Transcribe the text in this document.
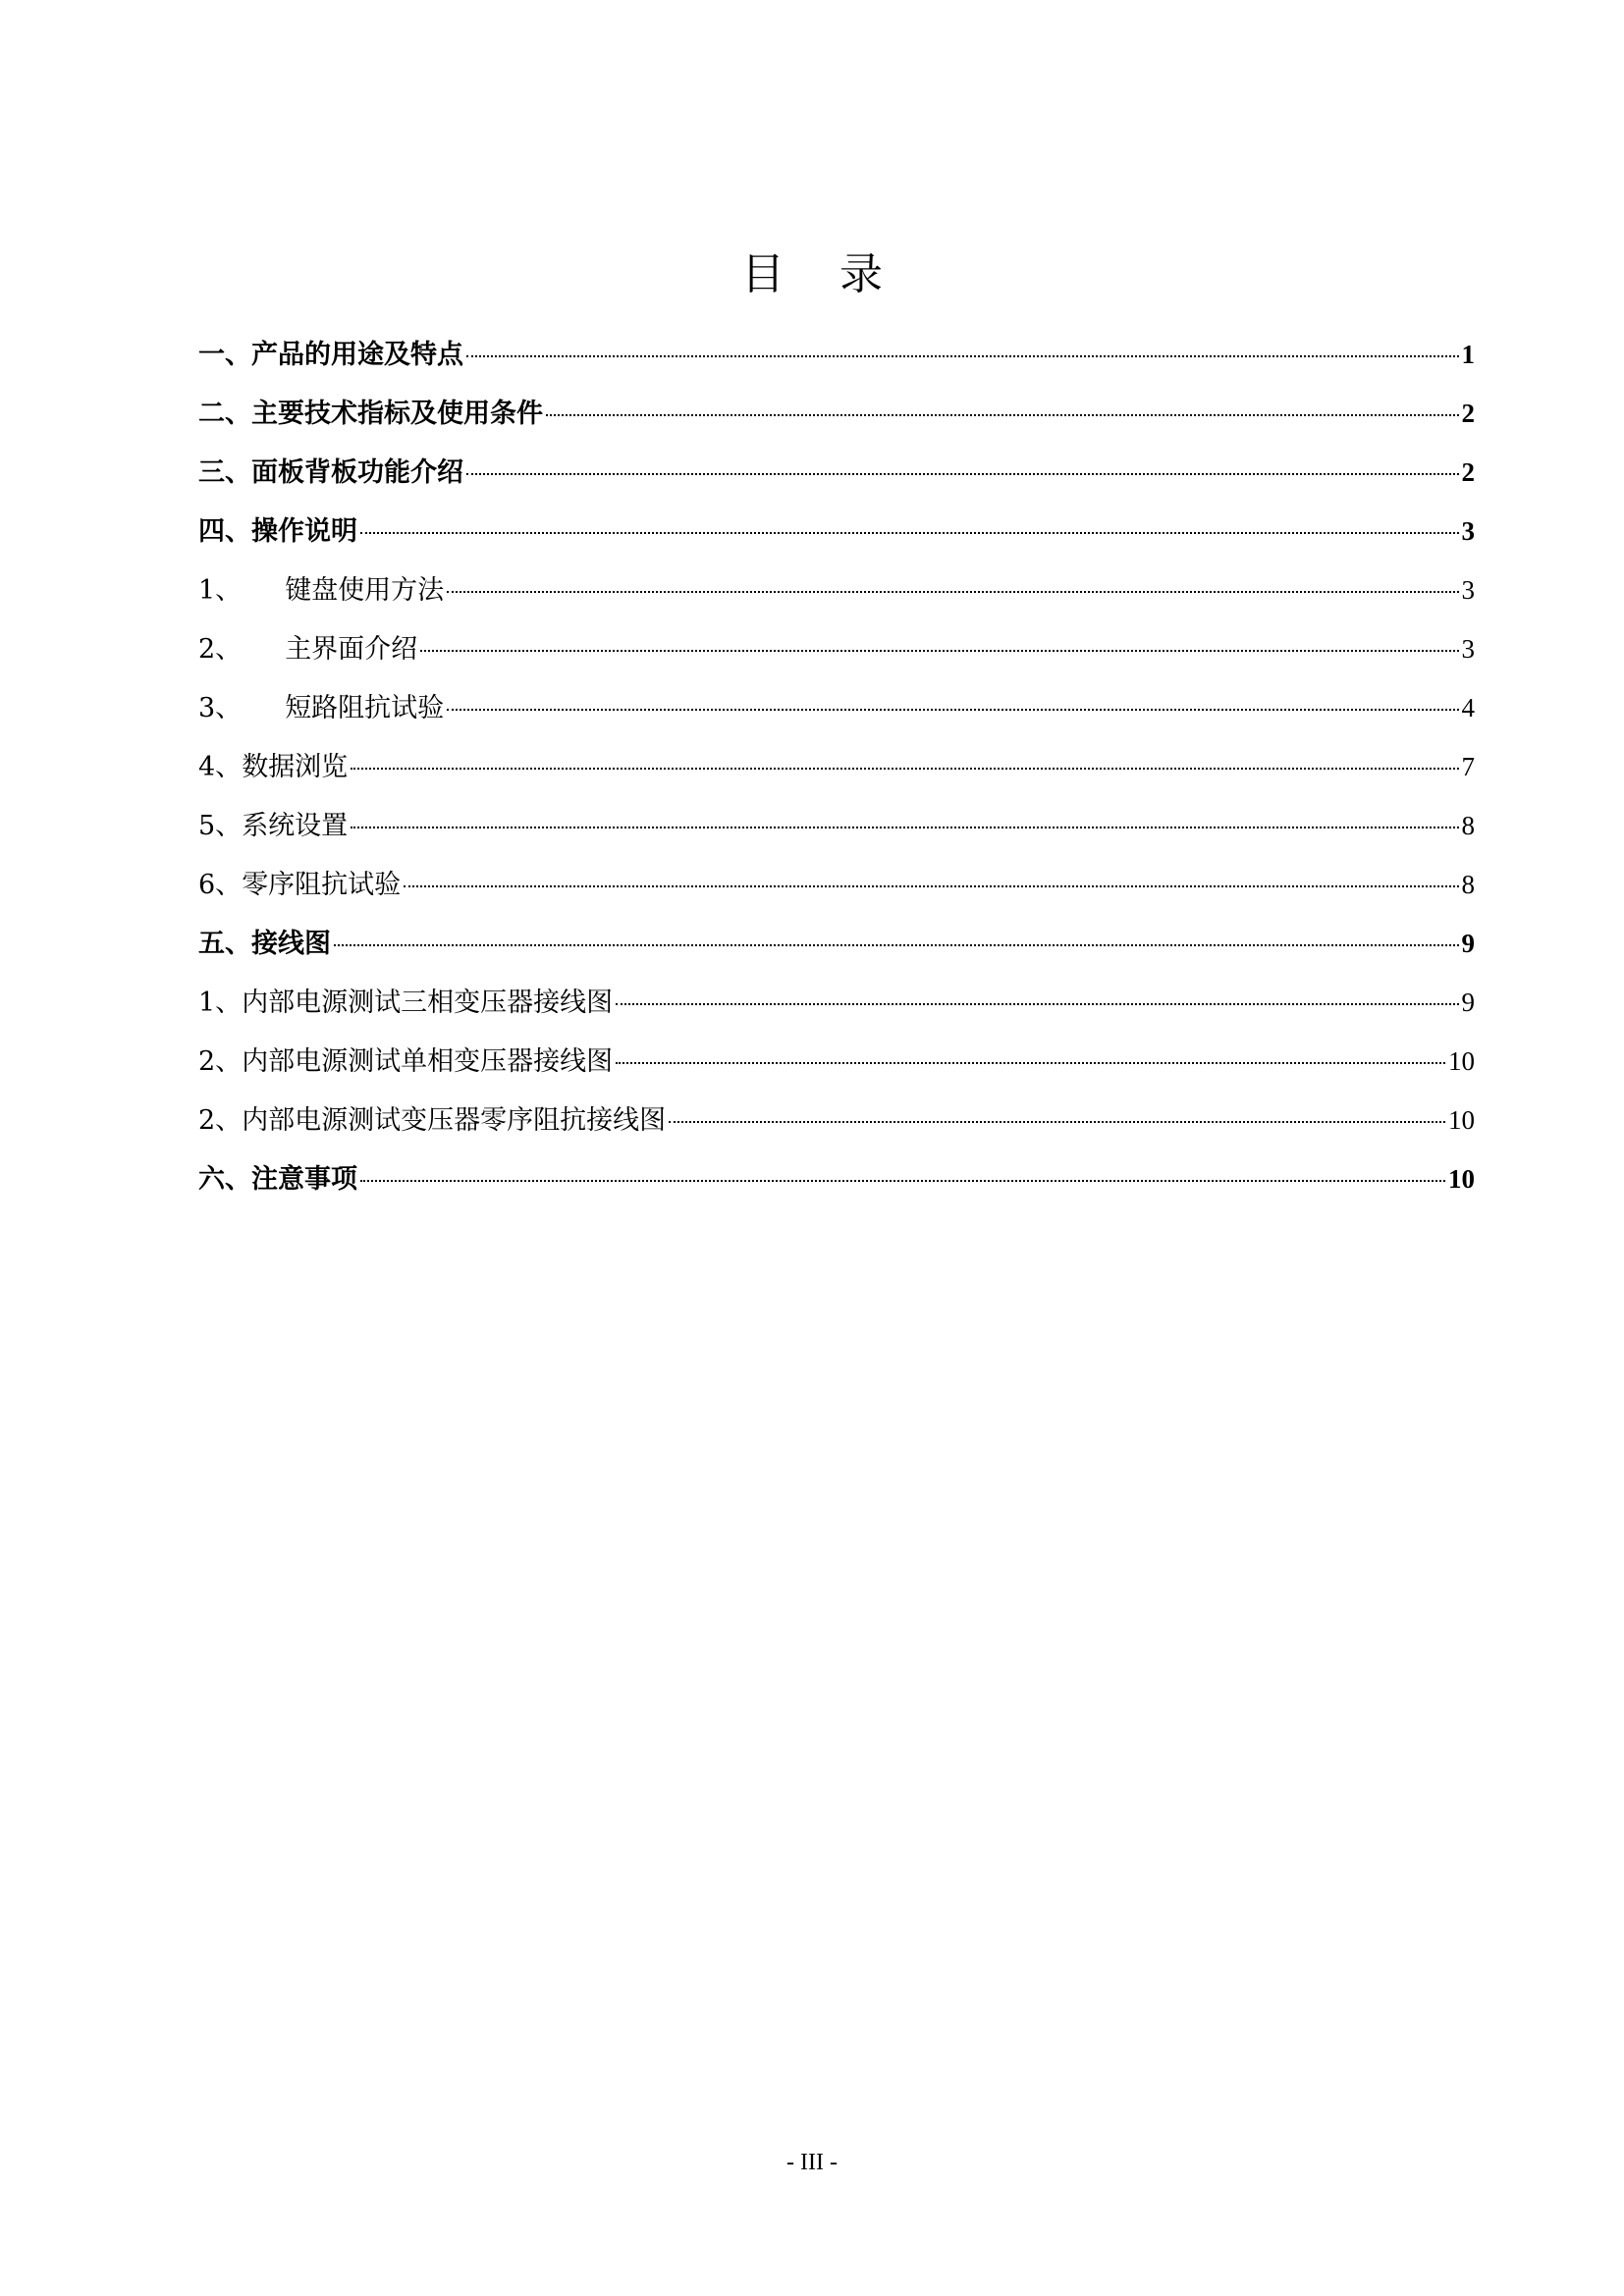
目录
一、 产品的用途及特点	1
二、 主要技术指标及使用条件	2
三、 面板背板功能介绍	2
四、 操作说明	3
1、 键盘使用方法	3
2、 主界面介绍	3
3、 短路阻抗试验	4
4、 数据浏览	7
5、 系统设置	8
6、 零序阻抗试验	8
五、 接线图	9
1、 内部电源测试三相变压器接线图	9
2、 内部电源测试单相变压器接线图	10
2、 内部电源测试变压器零序阻抗接线图	10
六、 注意事项	10
- III -
